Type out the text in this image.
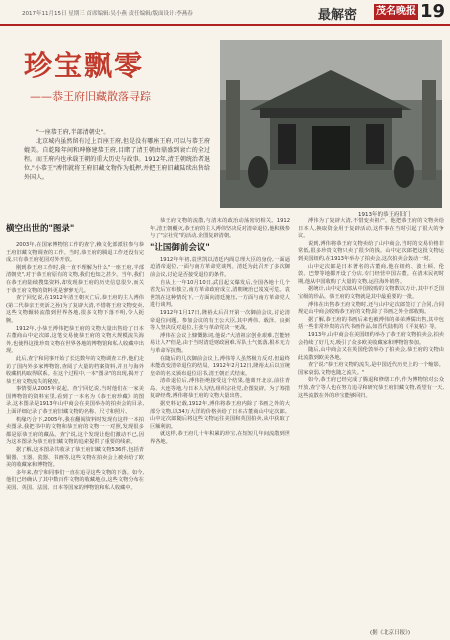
2017年11月15日 星期三 首席编辑:吴小燕 责任编辑/版面设计:李燕春	最解密 茂名晚报 19
珍宝飘零
——恭王府旧藏散落寻踪

"一座恭王府,半部清朝史"。

北京城内虽然留有过上百座王府,但是没有哪座王府,可以与恭王府媲美。自乾隆年间和珅修建恭王府,目睹了清王朝由鼎盛到衰亡的全过程。而王府内也承载王朝的重大历史与故事。1912年,清王朝统治者退位,"小恭王"溥伟就将王府旧藏文物作为抵押,并把王府旧藏陆续出售给外国人。

1913年的恭王府旧门
横空出世的"图录"

2003年,在国家博物馆工作的查宁,赖文化部派驻参与恭王府旧藏文物调查的工作。当时,恭王府的腾退工作还没有完成,只有恭王府花园对外开放。

刚到恭王府工作时,我一直不理解为什么"一座王府,半部清朝史",对于恭王府原有的文物,我们也知之甚少。当年,我们在恭王府陆续搜集资料,却发现恭王府的历史信息很少,而关于恭王府文物的资料更是寥寥无几。

查宁回忆说,在1912年清王朝灭亡后,恭王府的主人溥伟(第二代恭亲王奕訢之孙)为了复辟大清,不惜将王府文物变卖,这些文物辗转流散到世界各地,很多文物下落不明,令人扼腕。

1912年,小恭王溥伟把恭王府的文物大量出售给了日本古董商山中定次郎,这笔交易使恭王府的文物大规模流失海外,也使得这批珍贵文物在世界各地的博物馆和私人收藏中出现。

此后,查宁和同事开始了长达数年的文物调查工作,他们走访了国内外多家博物馆,查阅了大量的档案资料,并且与海外收藏机构取得联系。在这个过程中,一本"图录"的出现,揭开了恭王府文物流失的秘密。

事情要从2005年说起。查宁回忆说,当时他们在一家美国博物馆的资料室里,看到了一本名为《恭王府珍藏》的图录,这本图录是1913年山中商会在美国举办的拍卖会的目录,上面详细记录了恭王府旧藏文物的名称、尺寸和照片。

机缘巧合下,2005年,我在翻阅资料时发现有这样一本拍卖图录,我把书中的文物和恭王府的文物一一对照,发现很多都是原恭王府的藏品。查宁说,这个发现让他们激动不已,因为这本图录为恭王府旧藏文物的追索提供了重要的线索。

据了解,这本图录共收录了恭王府旧藏文物536件,包括青铜器、玉器、瓷器、书画等,这些文物在拍卖会上被卖给了欧美的收藏家和博物馆。

多年来,查宁和同事们一直在追寻这些文物的下落。如今,他们已经确认了其中数百件文物的收藏地点,这些文物分布在美国、英国、法国、日本等国家的博物馆和私人收藏中。

恭王府文物的流散,与清末的政治动荡密切相关。1912年,清王朝覆灭,恭王府的主人溥伟坚决反对清帝退位,他积极参与了"宗社党"的活动,企图复辟清朝。

"让国御前会议"

1912年年初,袁世凯以清廷内阁总理大臣的身份,一面逼迫清帝退位,一面与南方革命党谈判。清廷为此召开了多次御前会议,讨论是否接受退位的条件。

自从上一年10月10日,武昌起义爆发后,全国各地十几个省先后宣布独立,南方革命政府成立,清朝统治已岌岌可危。袁世凯在这种情况下,一方面向清廷施压,一方面与南方革命党人进行谈判。

1912年1月17日,隆裕太后召开第一次御前会议,讨论清帝退位问题。参加会议的有王公大臣,其中溥伟、载泽、良弼等人坚决反对退位,主张与革命党决一死战。

溥伟在会议上慷慨陈词,他说:"大清祖宗创业艰难,岂能轻易让人?"但是,由于当时清廷财政困难,军队士气低落,根本无力与革命军抗衡。

在随后的几次御前会议上,溥伟等人虽然极力反对,但最终未能改变清帝退位的结局。1912年2月12日,隆裕太后以宣统皇帝的名义颁布退位诏书,清王朝正式结束。

清帝退位后,溥伟拒绝接受这个结果,他离开北京,前往青岛、大连等地,与日本人勾结,组织宗社党,企图复辟。为了筹措复辟经费,溥伟将恭王府的文物大量出售。

据史料记载,1912年,溥伟将恭王府内除了书画之外的大部分文物,以34万大洋的价格卖给了日本古董商山中定次郎。山中定次郎随后将这些文物运往美国和英国拍卖,从中获取了巨额利润。

就这样,恭王府几十年积累的珍宝,在短短几年间流散到世界各地。

溥伟为了复辟大清,不惜变卖祖产。他把恭王府的文物卖给日本人,换取资金用于复辟活动,这件事在当时引起了很大的争议。

说到,溥伟将恭王府文物卖给了山中商会,当时的交易价格非常低,很多珍贵文物只卖了很少的钱。山中定次郎把这批文物运到美国纽约,在1913年举办了拍卖会,这次拍卖会轰动一时。

山中定次郎是日本著名的古董商,他在纽约、波士顿、伦敦、巴黎等地都开设了分店,专门经营中国古董。在清末民初时期,他从中国收购了大量的文物,运往海外销售。

据统计,山中定次郎从中国收购的文物数以万计,其中不乏国宝级的珍品。恭王府的文物就是其中最重要的一批。

溥伟在出售恭王府文物时,还与山中定次郎签订了合同,合同规定山中商会收购恭王府的文物,除了书画之外全部收购。

据了解,恭王府的书画后来也被溥伟的弟弟溥儒出售,其中包括一些非常珍贵的古代书画作品,如晋代陆机的《平复帖》等。

1913年,山中商会在美国纽约举办了恭王府文物拍卖会,拍卖会持续了好几天,吸引了众多欧美收藏家和博物馆参加。

随后,山中商会又在英国伦敦举办了拍卖会,恭王府的文物由此流散到欧美各地。

查宁说:"恭王府文物的流失,是中国近代历史上的一个缩影。国家衰弱,文物也随之流失。"

如今,恭王府已经完成了腾退和修缮工作,作为博物馆对公众开放,查宁等人也在努力追寻和研究恭王府旧藏文物,希望有一天,这些流散在外的珍宝能够回归。

(据《北京日报》)
